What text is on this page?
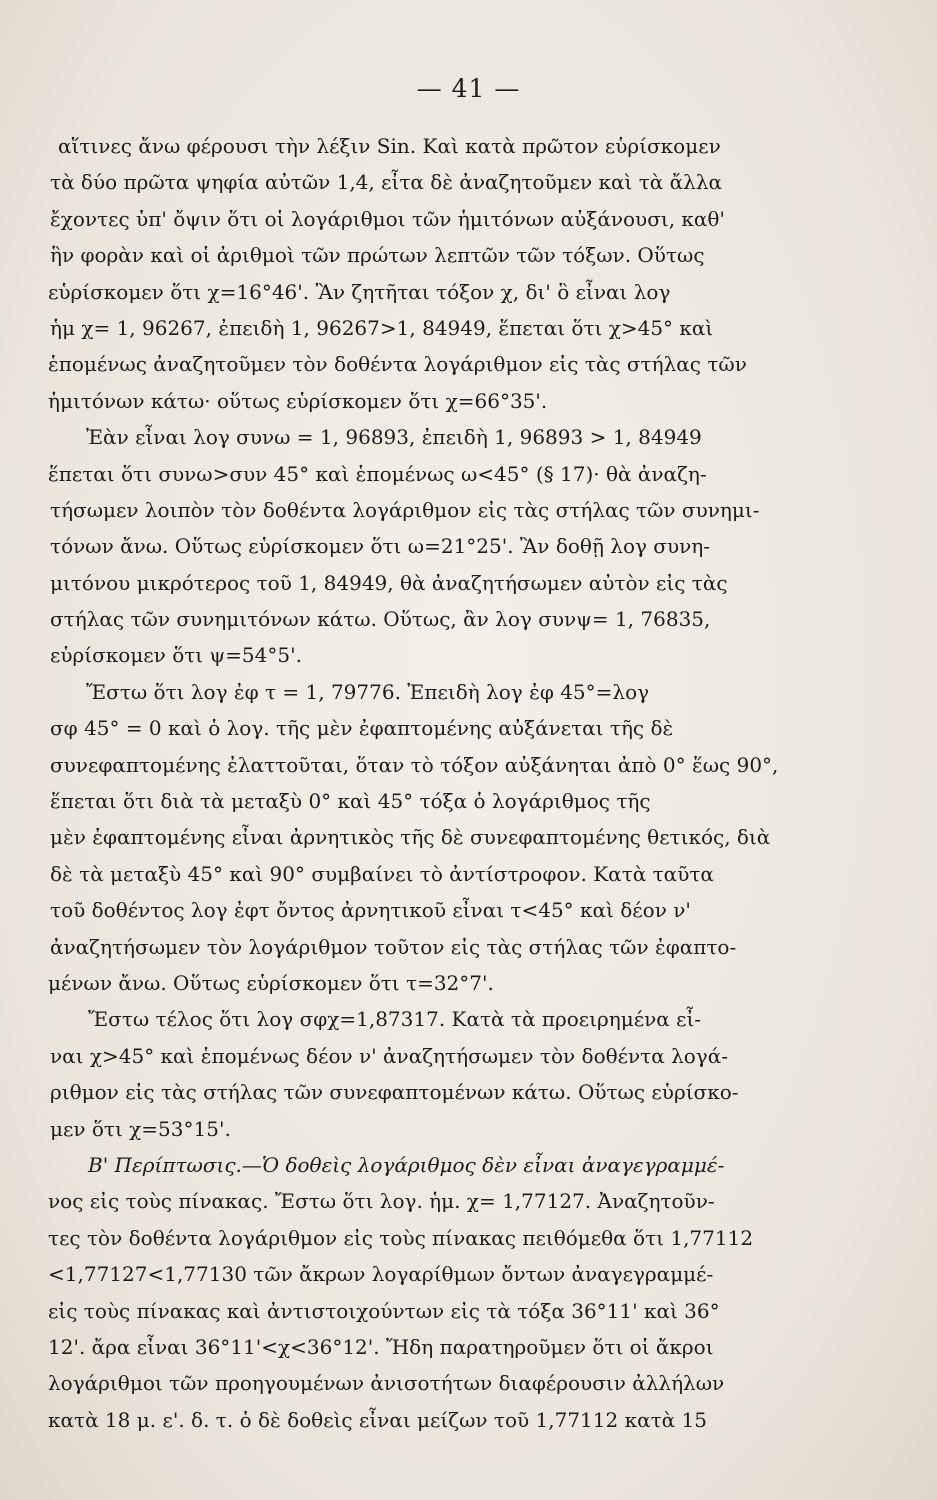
— 41 —
αἵτινες ἄνω φέρουσι τὴν λέξιν Sin. Καὶ κατὰ πρῶτον εὑρίσκομεν
τὰ δύο πρῶτα ψηφία αὐτῶν 1,4, εἶτα δὲ ἀναζητοῦμεν καὶ τὰ ἄλλα
ἔχοντες ὑπ' ὄψιν ὅτι οἱ λογάριθμοι τῶν ἡμιτόνων αὐξάνουσι, καθ'
ἣν φορὰν καὶ οἱ ἀριθμοὶ τῶν πρώτων λεπτῶν τῶν τόξων. Οὕτως
εὑρίσκομεν ὅτι χ=16°46'. Ἂν ζητῆται τόξον χ, δι' ὃ εἶναι λογ
ἡμ χ= 1, 96267, ἐπειδὴ 1, 96267>1, 84949, ἕπεται ὅτι χ>45° καὶ
ἑπομένως ἀναζητοῦμεν τὸν δοθέντα λογάριθμον εἰς τὰς στήλας τῶν
ἡμιτόνων κάτω· οὕτως εὑρίσκομεν ὅτι χ=66°35'.
Ἐὰν εἶναι λογ συνω = 1, 96893, ἐπειδὴ 1, 96893 > 1, 84949
ἕπεται ὅτι συνω>συν 45° καὶ ἑπομένως ω<45° (§ 17)· θὰ ἀναζη-
τήσωμεν λοιπὸν τὸν δοθέντα λογάριθμον εἰς τὰς στήλας τῶν συνημι-
τόνων ἄνω. Οὕτως εὑρίσκομεν ὅτι ω=21°25'. Ἂν δοθῇ λογ συνη-
μιτόνου μικρότερος τοῦ 1, 84949, θὰ ἀναζητήσωμεν αὐτὸν εἰς τὰς
στήλας τῶν συνημιτόνων κάτω. Οὕτως, ἂν λογ συνψ= 1, 76835,
εὑρίσκομεν ὅτι ψ=54°5'.
Ἔστω ὅτι λογ ἐφ τ = 1, 79776. Ἐπειδὴ λογ ἐφ 45°=λογ
σφ 45° = 0 καὶ ὁ λογ. τῆς μὲν ἐφαπτομένης αὐξάνεται τῆς δὲ
συνεφαπτομένης ἐλαττοῦται, ὅταν τὸ τόξον αὐξάνηται ἀπὸ 0° ἕως 90°,
ἕπεται ὅτι διὰ τὰ μεταξὺ 0° καὶ 45° τόξα ὁ λογάριθμος τῆς
μὲν ἐφαπτομένης εἶναι ἀρνητικὸς τῆς δὲ συνεφαπτομένης θετικός, διὰ
δὲ τὰ μεταξὺ 45° καὶ 90° συμβαίνει τὸ ἀντίστροφον. Κατὰ ταῦτα
τοῦ δοθέντος λογ ἐφτ ὄντος ἀρνητικοῦ εἶναι τ<45° καὶ δέον ν'
ἀναζητήσωμεν τὸν λογάριθμον τοῦτον εἰς τὰς στήλας τῶν ἐφαπτο-
μένων ἄνω. Οὕτως εὑρίσκομεν ὅτι τ=32°7'.
Ἔστω τέλος ὅτι λογ σφχ=1,87317. Κατὰ τὰ προειρημένα εἶ-
ναι χ>45° καὶ ἑπομένως δέον ν' ἀναζητήσωμεν τὸν δοθέντα λογά-
ριθμον εἰς τὰς στήλας τῶν συνεφαπτομένων κάτω. Οὕτως εὑρίσκο-
μεν ὅτι χ=53°15'.
Β' Περίπτωσις.—Ὁ δοθεὶς λογάριθμος δὲν εἶναι ἀναγεγραμμέ-
νος εἰς τοὺς πίνακας. Ἔστω ὅτι λογ. ἡμ. χ= 1,77127. Ἀναζητοῦν-
τες τὸν δοθέντα λογάριθμον εἰς τοὺς πίνακας πειθόμεθα ὅτι 1,77112
<1,77127<1,77130 τῶν ἄκρων λογαρίθμων ὄντων ἀναγεγραμμέ-
εἰς τοὺς πίνακας καὶ ἀντιστοιχούντων εἰς τὰ τόξα 36°11' καὶ 36°
12'. ἄρα εἶναι 36°11'<χ<36°12'. Ἤδη παρατηροῦμεν ὅτι οἱ ἄκροι
λογάριθμοι τῶν προηγουμένων ἀνισοτήτων διαφέρουσιν ἀλλήλων
κατὰ 18 μ. ε'. δ. τ. ὁ δὲ δοθεὶς εἶναι μείζων τοῦ 1,77112 κατὰ 15
